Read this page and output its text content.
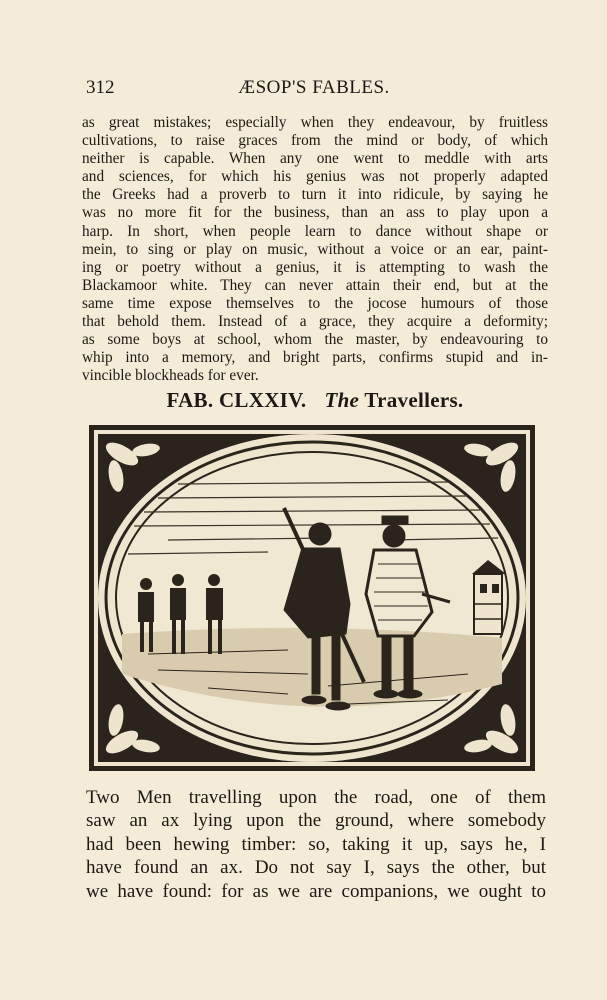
312	ÆSOP'S FABLES.
as great mistakes; especially when they endeavour, by fruitless
cultivations, to raise graces from the mind or body, of which
neither is capable. When any one went to meddle with arts
and sciences, for which his genius was not properly adapted
the Greeks had a proverb to turn it into ridicule, by saying he
was no more fit for the business, than an ass to play upon a
harp. In short, when people learn to dance without shape or
mein, to sing or play on music, without a voice or an ear, paint-
ing or poetry without a genius, it is attempting to wash the
Blackamoor white. They can never attain their end, but at the
same time expose themselves to the jocose humours of those
that behold them. Instead of a grace, they acquire a deformity;
as some boys at school, whom the master, by endeavouring to
whip into a memory, and bright parts, confirms stupid and in-
vincible blockheads for ever.
FAB. CLXXIV. The Travellers.
Two Men travelling upon the road, one of them
saw an ax lying upon the ground, where somebody
had been hewing timber: so, taking it up, says he, I
have found an ax. Do not say I, says the other, but
we have found: for as we are companions, we ought to
